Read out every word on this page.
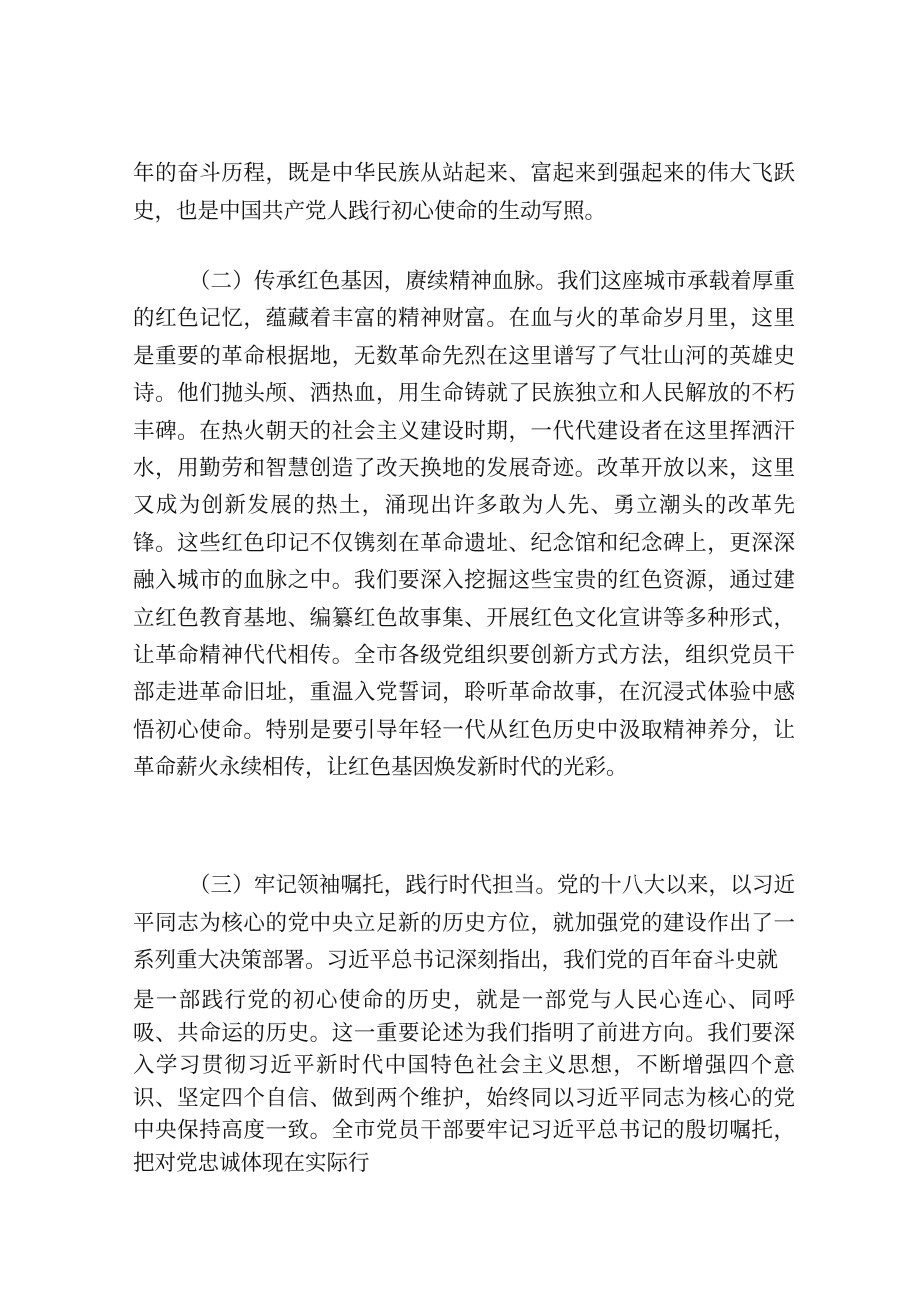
年的奋斗历程，既是中华民族从站起来、富起来到强起来的伟大飞跃史，也是中国共产党人践行初心使命的生动写照。

（二）传承红色基因，赓续精神血脉。我们这座城市承载着厚重的红色记忆，蕴藏着丰富的精神财富。在血与火的革命岁月里，这里是重要的革命根据地，无数革命先烈在这里谱写了气壮山河的英雄史诗。他们抛头颅、洒热血，用生命铸就了民族独立和人民解放的不朽丰碑。在热火朝天的社会主义建设时期，一代代建设者在这里挥洒汗水，用勤劳和智慧创造了改天换地的发展奇迹。改革开放以来，这里又成为创新发展的热土，涌现出许多敢为人先、勇立潮头的改革先锋。这些红色印记不仅镌刻在革命遗址、纪念馆和纪念碑上，更深深融入城市的血脉之中。我们要深入挖掘这些宝贵的红色资源，通过建立红色教育基地、编纂红色故事集、开展红色文化宣讲等多种形式，让革命精神代代相传。全市各级党组织要创新方式方法，组织党员干部走进革命旧址，重温入党誓词，聆听革命故事，在沉浸式体验中感悟初心使命。特别是要引导年轻一代从红色历史中汲取精神养分，让革命薪火永续相传，让红色基因焕发新时代的光彩。

（三）牢记领袖嘱托，践行时代担当。党的十八大以来，以习近平同志为核心的党中央立足新的历史方位，就加强党的建设作出了一系列重大决策部署。习近平总书记深刻指出，我们党的百年奋斗史就

是一部践行党的初心使命的历史，就是一部党与人民心连心、同呼吸、共命运的历史。这一重要论述为我们指明了前进方向。我们要深入学习贯彻习近平新时代中国特色社会主义思想，不断增强四个意识、坚定四个自信、做到两个维护，始终同以习近平同志为核心的党中央保持高度一致。全市党员干部要牢记习近平总书记的殷切嘱托，把对党忠诚体现在实际行
